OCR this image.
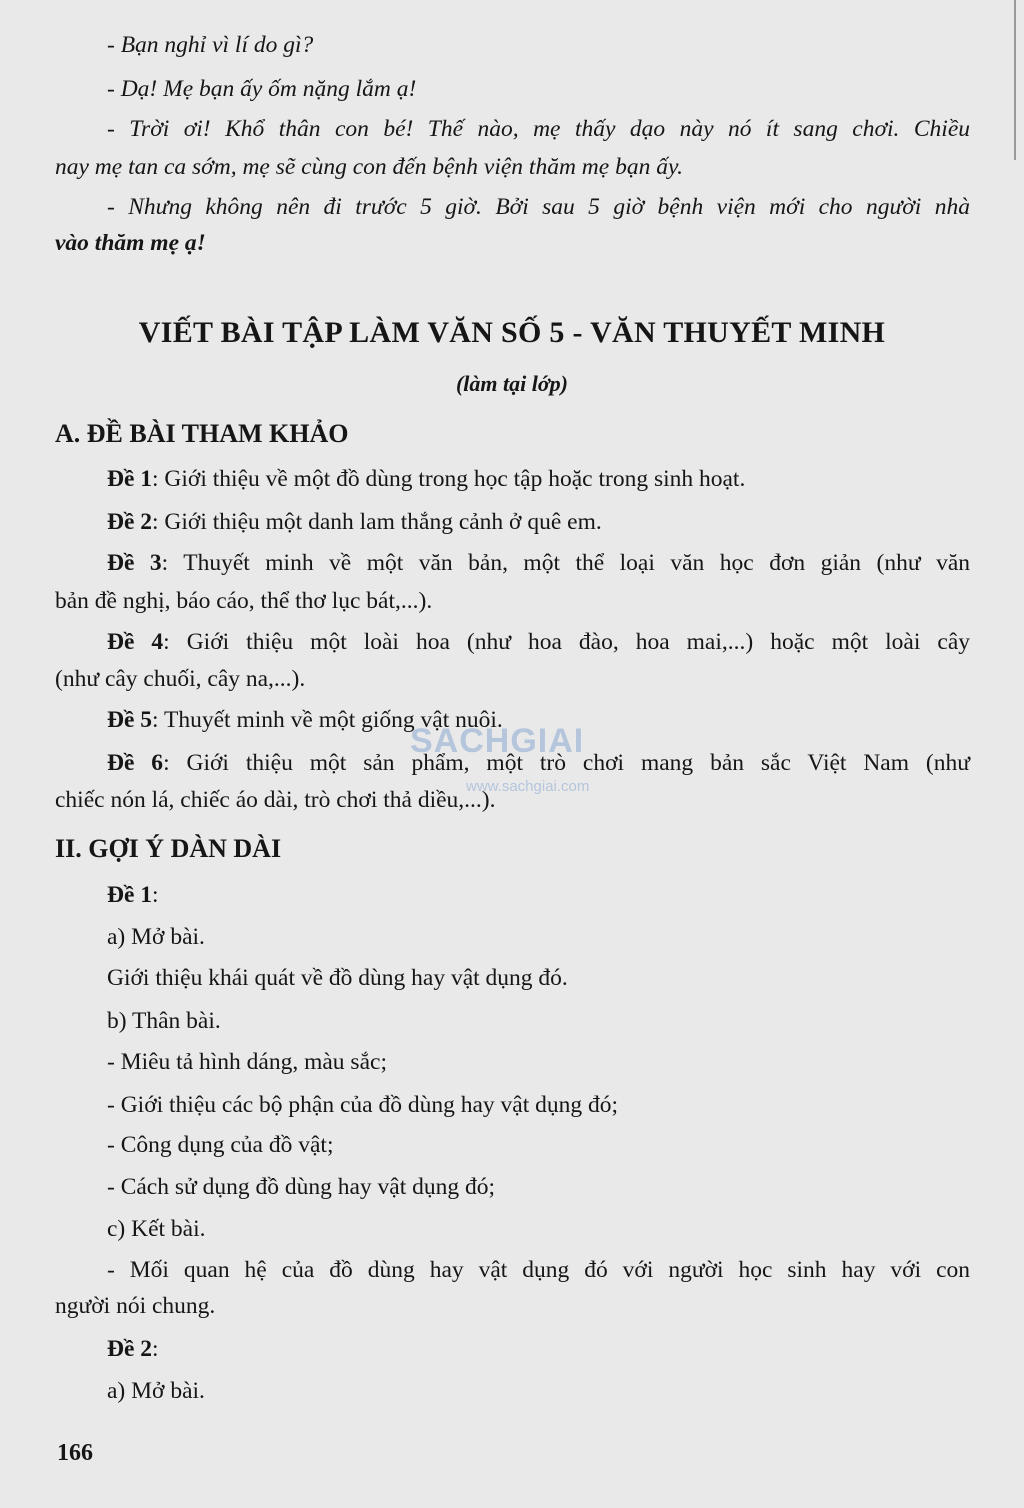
- Bạn nghỉ vì lí do gì?
- Dạ! Mẹ bạn ấy ốm nặng lắm ạ!
- Trời ơi! Khổ thân con bé! Thế nào, mẹ thấy dạo này nó ít sang chơi. Chiều
nay mẹ tan ca sớm, mẹ sẽ cùng con đến bệnh viện thăm mẹ bạn ấy.
- Nhưng không nên đi trước 5 giờ. Bởi sau 5 giờ bệnh viện mới cho người nhà
vào thăm mẹ ạ!
VIẾT BÀI TẬP LÀM VĂN SỐ 5 - VĂN THUYẾT MINH
(làm tại lớp)
A. ĐỀ BÀI THAM KHẢO
Đề 1: Giới thiệu về một đồ dùng trong học tập hoặc trong sinh hoạt.
Đề 2: Giới thiệu một danh lam thắng cảnh ở quê em.
Đề 3: Thuyết minh về một văn bản, một thể loại văn học đơn giản (như văn
bản đề nghị, báo cáo, thể thơ lục bát,...).
Đề 4: Giới thiệu một loài hoa (như hoa đào, hoa mai,...) hoặc một loài cây
(như cây chuối, cây na,...).
Đề 5: Thuyết minh về một giống vật nuôi.
Đề 6: Giới thiệu một sản phẩm, một trò chơi mang bản sắc Việt Nam (như
chiếc nón lá, chiếc áo dài, trò chơi thả diều,...).
SACHGIAI
www.sachgiai.com
II. GỢI Ý DÀN DÀI
Đề 1:
a) Mở bài.
Giới thiệu khái quát về đồ dùng hay vật dụng đó.
b) Thân bài.
- Miêu tả hình dáng, màu sắc;
- Giới thiệu các bộ phận của đồ dùng hay vật dụng đó;
- Công dụng của đồ vật;
- Cách sử dụng đồ dùng hay vật dụng đó;
c) Kết bài.
- Mối quan hệ của đồ dùng hay vật dụng đó với người học sinh hay với con
người nói chung.
Đề 2:
a) Mở bài.
166
